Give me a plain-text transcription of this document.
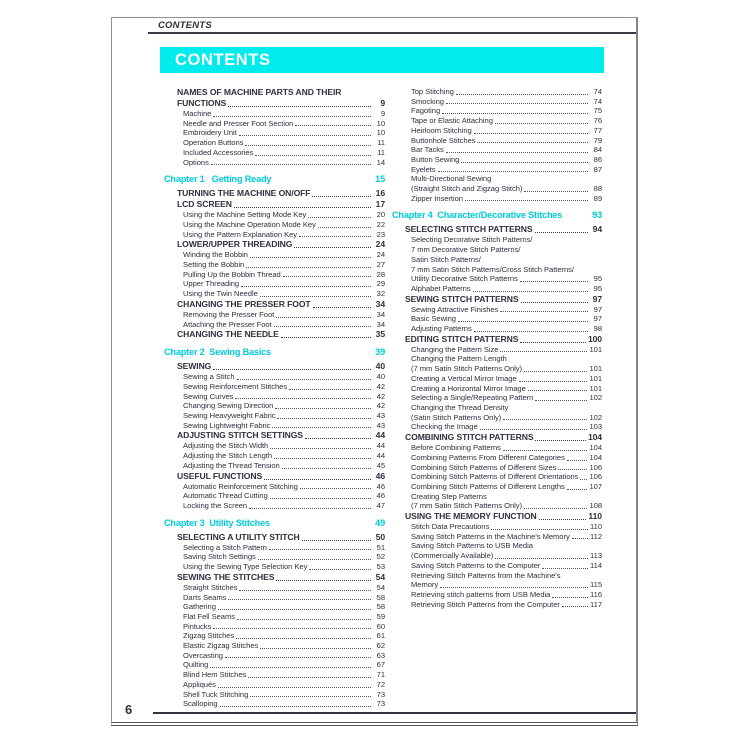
CONTENTS
CONTENTS
NAMES OF MACHINE PARTS AND THEIR
FUNCTIONS	9
Machine	9
Needle and Presser Foot Section	10
Embroidery Unit	10
Operation Buttons	11
Included Accessories	11
Options	14
Chapter 1   Getting Ready	15
TURNING THE MACHINE ON/OFF	16
LCD SCREEN	17
Using the Machine Setting Mode Key	20
Using the Machine Operation Mode Key	22
Using the Pattern Explanation Key	23
LOWER/UPPER THREADING	24
Winding the Bobbin	24
Setting the Bobbin	27
Pulling Up the Bobbin Thread	28
Upper Threading	29
Using the Twin Needle	32
CHANGING THE PRESSER FOOT	34
Removing the Presser Foot	34
Attaching the Presser Foot	34
CHANGING THE NEEDLE	35
Chapter 2  Sewing Basics	39
SEWING	40
Sewing a Stitch	40
Sewing Reinforcement Stitches	42
Sewing Curves	42
Changing Sewing Direction	42
Sewing Heavyweight Fabric	43
Sewing Lightweight Fabric	43
ADJUSTING STITCH SETTINGS	44
Adjusting the Stitch Width	44
Adjusting the Stitch Length	44
Adjusting the Thread Tension	45
USEFUL FUNCTIONS	46
Automatic Reinforcement Stitching	46
Automatic Thread Cutting	46
Locking the Screen	47
Chapter 3  Utility Stitches	49
SELECTING A UTILITY STITCH	50
Selecting a Stitch Pattern	51
Saving Stitch Settings	52
Using the Sewing Type Selection Key	53
SEWING THE STITCHES	54
Straight Stitches	54
Darts Seams	58
Gathering	58
Flat Fell Seams	59
Pintucks	60
Zigzag Stitches	61
Elastic Zigzag Stitches	62
Overcasting	63
Quilting	67
Blind Hem Stitches	71
Appliqués	72
Shell Tuck Stitching	73
Scalloping	73
Top Stitching	74
Smocking	74
Fagoting	75
Tape or Elastic Attaching	76
Heirloom Stitching	77
Buttonhole Stitches	79
Bar Tacks	84
Button Sewing	86
Eyelets	87
Multi-Directional Sewing
(Straight Stitch and Zigzag Stitch)	88
Zipper Insertion	89
Chapter 4  Character/Decorative Stitches	93
SELECTING STITCH PATTERNS	94
Selecting Decorative Stitch Patterns/
7 mm Decorative Stitch Patterns/
Satin Stitch Patterns/
7 mm Satin Stitch Patterns/Cross Stitch Patterns/
Utility Decorative Stitch Patterns	95
Alphabet Patterns	95
SEWING STITCH PATTERNS	97
Sewing Attractive Finishes	97
Basic Sewing	97
Adjusting Patterns	98
EDITING STITCH PATTERNS	100
Changing the Pattern Size	101
Changing the Pattern Length
(7 mm Satin Stitch Patterns Only)	101
Creating a Vertical Mirror Image	101
Creating a Horizontal Mirror Image	101
Selecting a Single/Repeating Pattern	102
Changing the Thread Density
(Satin Stitch Patterns Only)	102
Checking the Image	103
COMBINING STITCH PATTERNS	104
Before Combining Patterns	104
Combining Patterns From Different Categories	104
Combining Stitch Patterns of Different Sizes	106
Combining Stitch Patterns of Different Orientations 106
Combining Stitch Patterns of Different Lengths	107
Creating Step Patterns
(7 mm Satin Stitch Patterns Only)	108
USING THE MEMORY FUNCTION	110
Stitch Data Precautions	110
Saving Stitch Patterns in the Machine's Memory	112
Saving Stitch Patterns to USB Media
(Commercially Available)	113
Saving Stitch Patterns to the Computer	114
Retrieving Stitch Patterns from the Machine's
Memory	115
Retrieving stitch patterns from USB Media	116
Retrieving Stitch Patterns from the Computer	117
6
